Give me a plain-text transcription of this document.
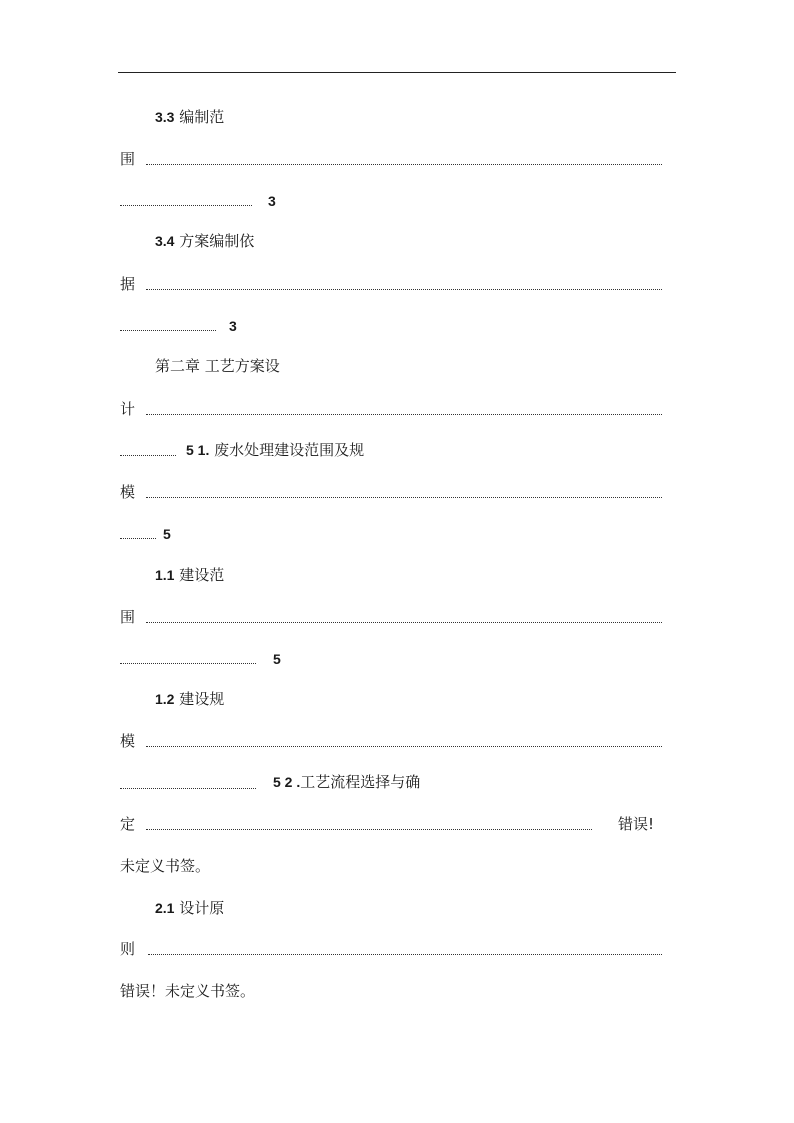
3.3 编制范
围
3
3.4 方案编制依
据
3
第二章 工艺方案设
计
5 1. 废水处理建设范围及规
模
5
1.1 建设范
围
5
1.2 建设规
模
5 2 .工艺流程选择与确
定	错误!
未定义书签。
2.1 设计原
则
错误！未定义书签。
